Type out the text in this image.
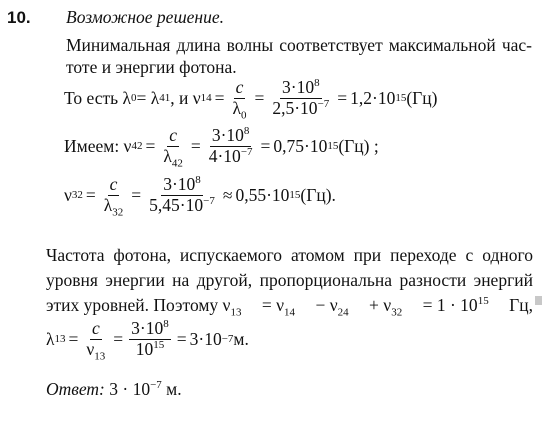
10. Возможное решение.
Минимальная длина волны соответствует максимальной час-
тоте и энергии фотона.
То есть λ 0 = λ 41 , и ν $14 = \frac{c}{\lambda_0} = \frac{3\cdot 10^8}{2,5\cdot 10^{-7}} = 1,2\cdot 10$ 15 (Гц)
Имеем: ν $42 = \frac{c}{\lambda_{42}} = \frac{3\cdot 10^8}{4\cdot 10^{-7}} = 0,75\cdot 10$ 15 (Гц) ;
ν $32 = \frac{c}{\lambda_{32}} = \frac{3\cdot 10^8}{5,45\cdot 10^{-7}} \approx 0,55\cdot 10$ 15 (Гц).
Частота фотона, испускаемого атомом при переходе с одного
уровня энергии на другой, пропорциональна разности энергий
этих уровней. Поэтому $\nu_{13} = \nu_{14} - \nu_{24} + \nu_{32} = 1 \cdot 10^{15}$ Гц,
λ $13 = \frac{c}{\nu_{13}} = \frac{3\cdot 10^8}{10^{15}} = 3\cdot 10 -7$ м.
Ответ: $3 \cdot 10^{-7}$ м.
